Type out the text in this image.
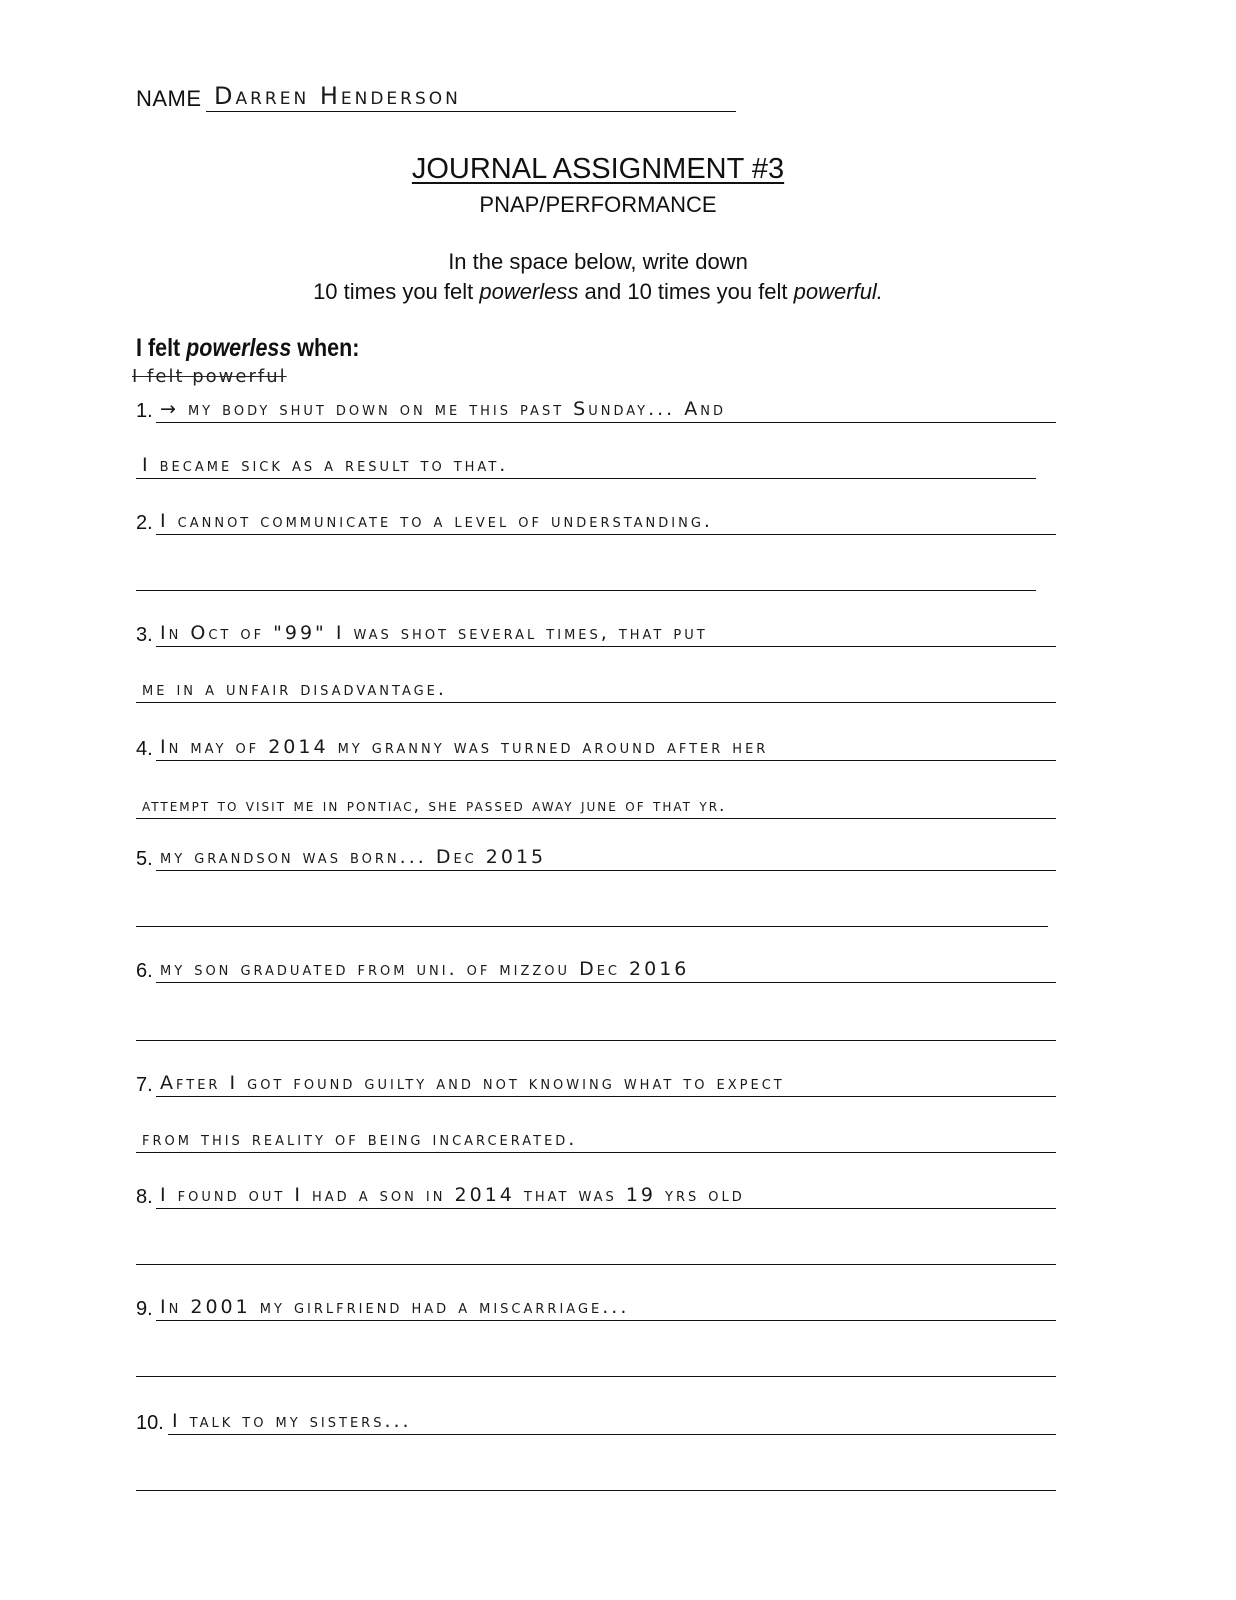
NAME Darren Henderson
JOURNAL ASSIGNMENT #3
PNAP/PERFORMANCE
In the space below, write down
10 times you felt powerless and 10 times you felt powerful.
I felt powerless when:
I felt powerful
1. → my body shut down on me this past Sunday... And
I became sick as a result to that.
2. I cannot communicate to a level of understanding.
3. In Oct of "99" I was shot several times, that put
me in a unfair disadvantage.
4. In may of 2014 my granny was turned around after her
attempt to visit me in pontiac, she passed away june of that yr.
5. my grandson was born... Dec 2015
6. my son graduated from uni. of mizzou Dec 2016
7. After I got found guilty and not knowing what to expect
from this reality of being incarcerated.
8. I found out I had a son in 2014 that was 19 yrs old
9. In 2001 my girlfriend had a miscarriage...
10. I talk to my sisters...
